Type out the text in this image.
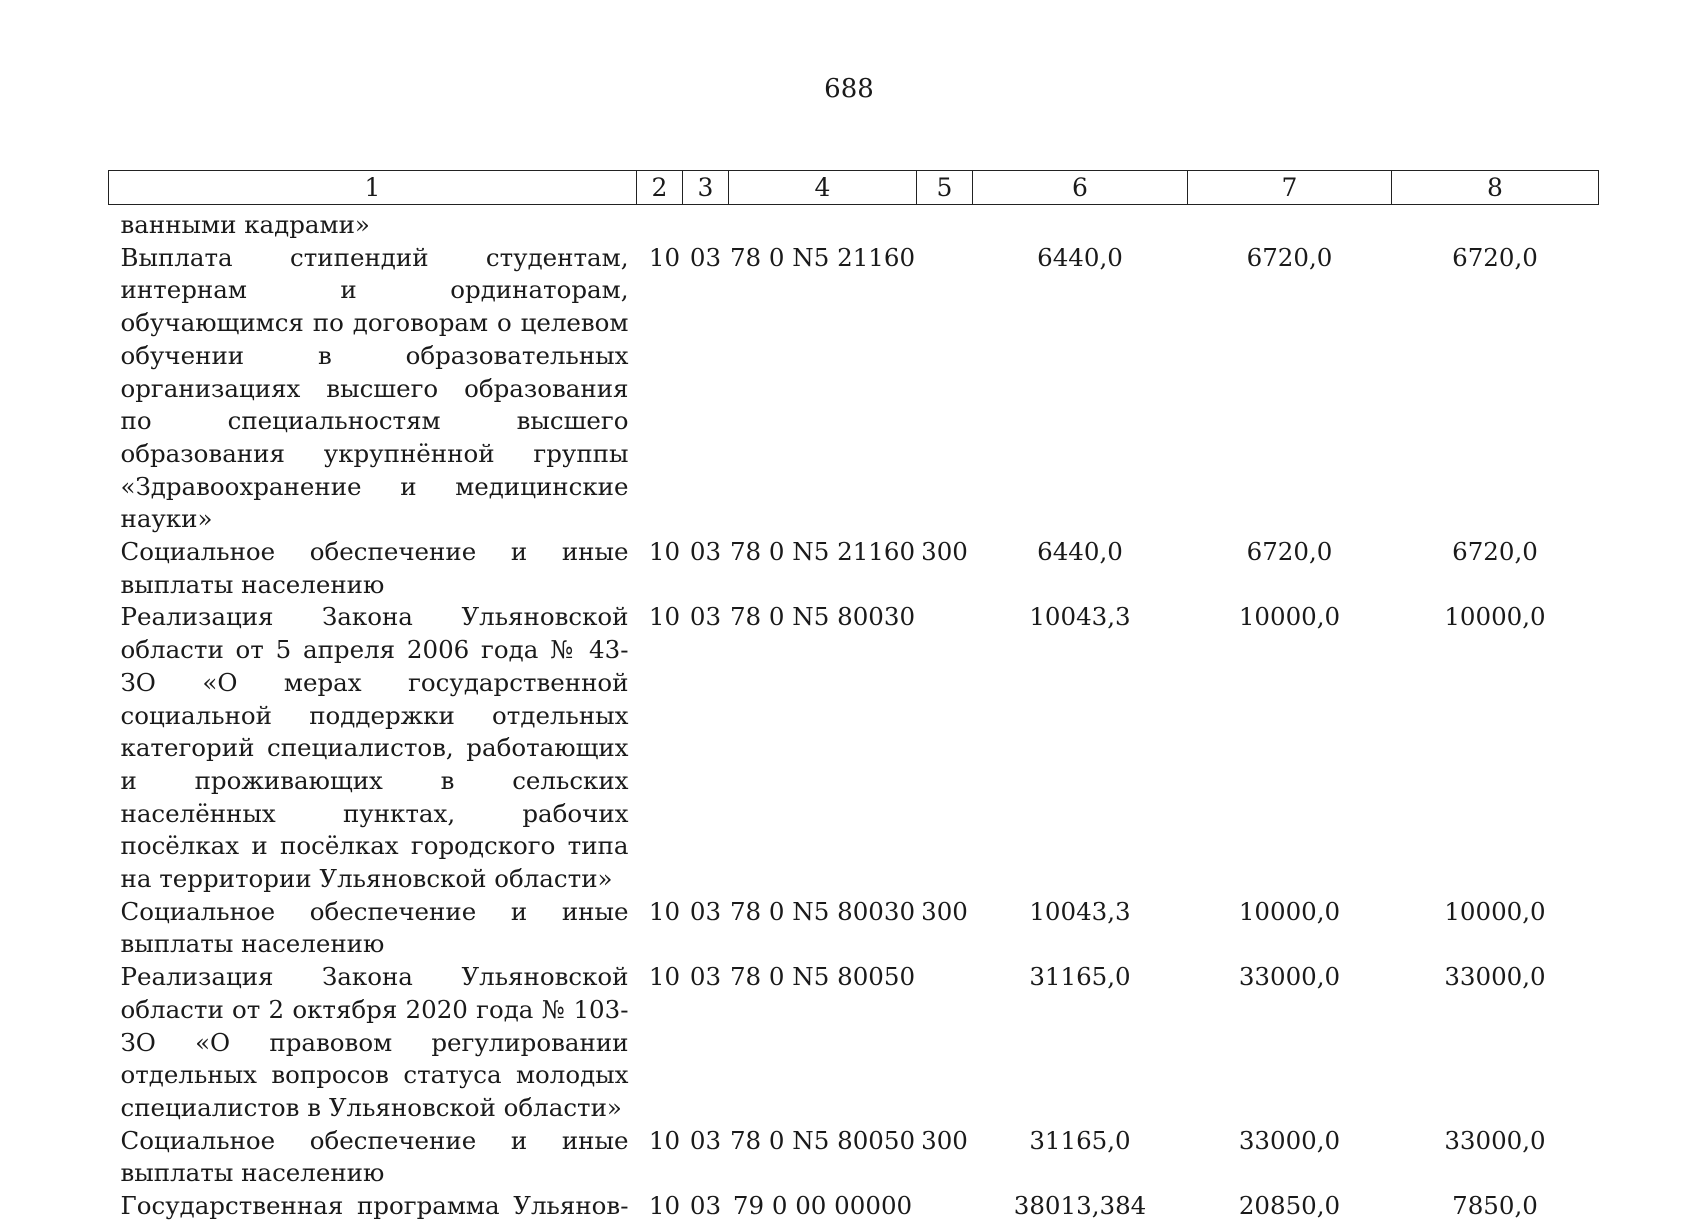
688
1	2	3	4	5	6	7	8
ванными кадрами»							
Выплата стипендий студентам, интернам и ординаторам, обучающимся по договорам о целевом обучении в образовательных организациях высшего образования по специальностям высшего образования укрупнённой группы «Здравоохранение и медицинские науки»	10	03	78 0 N5 21160		6440,0	6720,0	6720,0
Социальное обеспечение и иные выплаты населению	10	03	78 0 N5 21160	300	6440,0	6720,0	6720,0
Реализация Закона Ульяновской области от 5 апреля 2006 года № 43-ЗО «О мерах государственной социальной поддержки отдельных категорий специалистов, работающих и проживающих в сельских населённых пунктах, рабочих посёлках и посёлках городского типа на территории Ульяновской области»	10	03	78 0 N5 80030		10043,3	10000,0	10000,0
Социальное обеспечение и иные выплаты населению	10	03	78 0 N5 80030	300	10043,3	10000,0	10000,0
Реализация Закона Ульяновской области от 2 октября 2020 года № 103-ЗО «О правовом регулировании отдельных вопросов статуса молодых специалистов в Ульяновской области»	10	03	78 0 N5 80050		31165,0	33000,0	33000,0
Социальное обеспечение и иные выплаты населению	10	03	78 0 N5 80050	300	31165,0	33000,0	33000,0
Государственная программа Ульянов-	10	03	79 0 00 00000		38013,384	20850,0	7850,0
